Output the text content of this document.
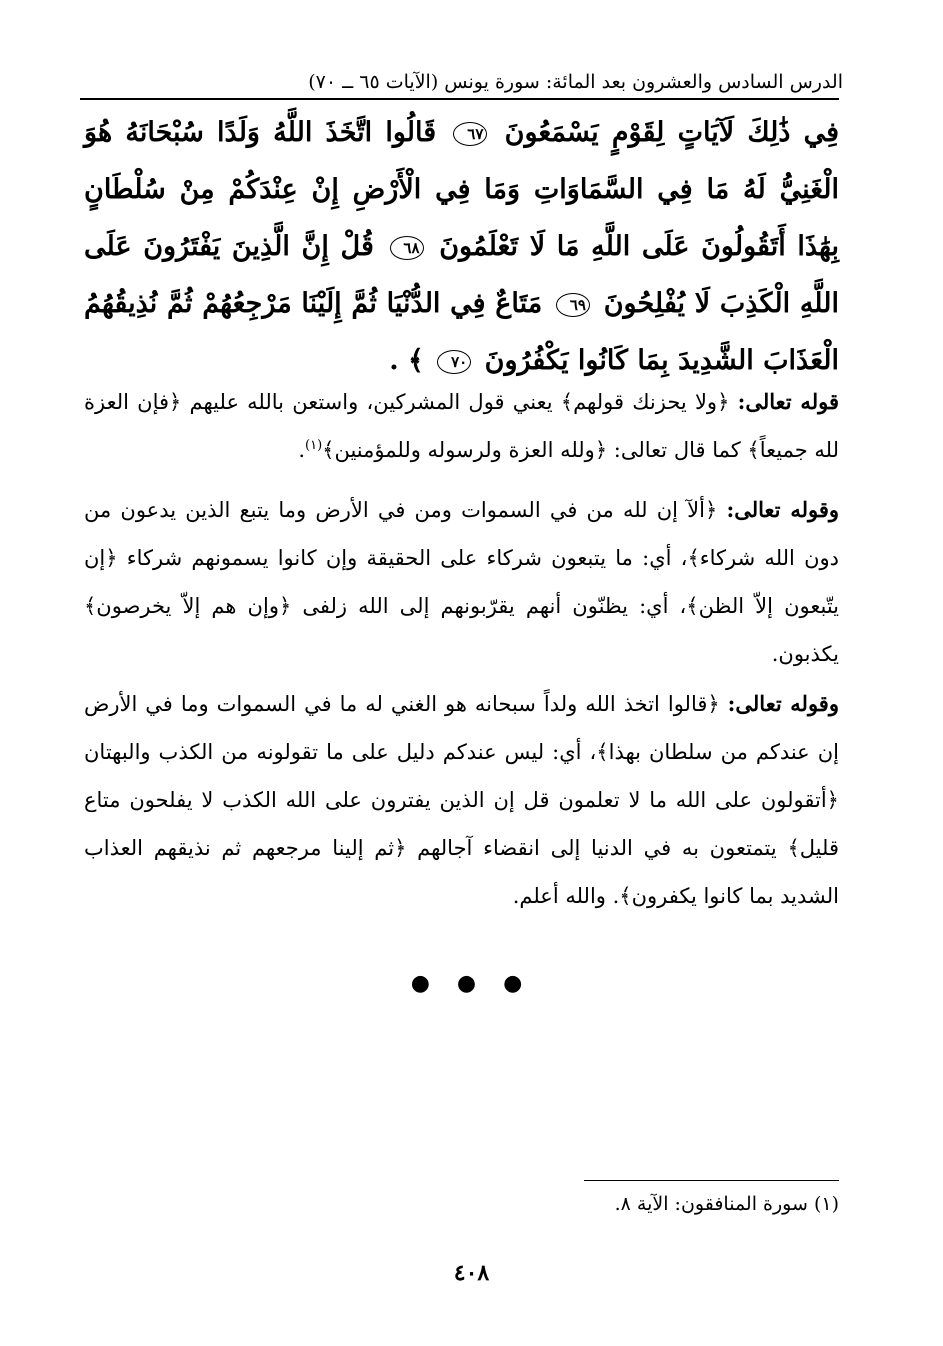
الدرس السادس والعشرون بعد المائة: سورة يونس (الآيات ٦٥ ــ ٧٠)
فِي ذَٰلِكَ لَآيَاتٍ لِقَوْمٍ يَسْمَعُونَ ٦٧ قَالُوا اتَّخَذَ اللَّهُ وَلَدًا سُبْحَانَهُ هُوَ الْغَنِيُّ لَهُ مَا فِي السَّمَاوَاتِ وَمَا فِي الْأَرْضِ إِنْ عِنْدَكُمْ مِنْ سُلْطَانٍ بِهَٰذَا أَتَقُولُونَ عَلَى اللَّهِ مَا لَا تَعْلَمُونَ ٦٨ قُلْ إِنَّ الَّذِينَ يَفْتَرُونَ عَلَى اللَّهِ الْكَذِبَ لَا يُفْلِحُونَ ٦٩ مَتَاعٌ فِي الدُّنْيَا ثُمَّ إِلَيْنَا مَرْجِعُهُمْ ثُمَّ نُذِيقُهُمُ الْعَذَابَ الشَّدِيدَ بِمَا كَانُوا يَكْفُرُونَ ٧٠ ﴾ .
قوله تعالى: ﴿ولا يحزنك قولهم﴾ يعني قول المشركين، واستعن بالله عليهم ﴿فإن العزة لله جميعاً﴾ كما قال تعالى: ﴿ولله العزة ولرسوله وللمؤمنين﴾$^{(١)}$.
وقوله تعالى: ﴿ألآ إن لله من في السموات ومن في الأرض وما يتبع الذين يدعون من دون الله شركاء﴾، أي: ما يتبعون شركاء على الحقيقة وإن كانوا يسمونهم شركاء ﴿إن يتّبعون إلاّ الظن﴾، أي: يظنّون أنهم يقرّبونهم إلى الله زلفى ﴿وإن هم إلاّ يخرصون﴾ يكذبون.
وقوله تعالى: ﴿قالوا اتخذ الله ولداً سبحانه هو الغني له ما في السموات وما في الأرض إن عندكم من سلطان بهذا﴾، أي: ليس عندكم دليل على ما تقولونه من الكذب والبهتان ﴿أتقولون على الله ما لا تعلمون قل إن الذين يفترون على الله الكذب لا يفلحون متاع قليل﴾ يتمتعون به في الدنيا إلى انقضاء آجالهم ﴿ثم إلينا مرجعهم ثم نذيقهم العذاب الشديد بما كانوا يكفرون﴾. والله أعلم.
● ● ●
(١) سورة المنافقون: الآية ٨.
٤٠٨
